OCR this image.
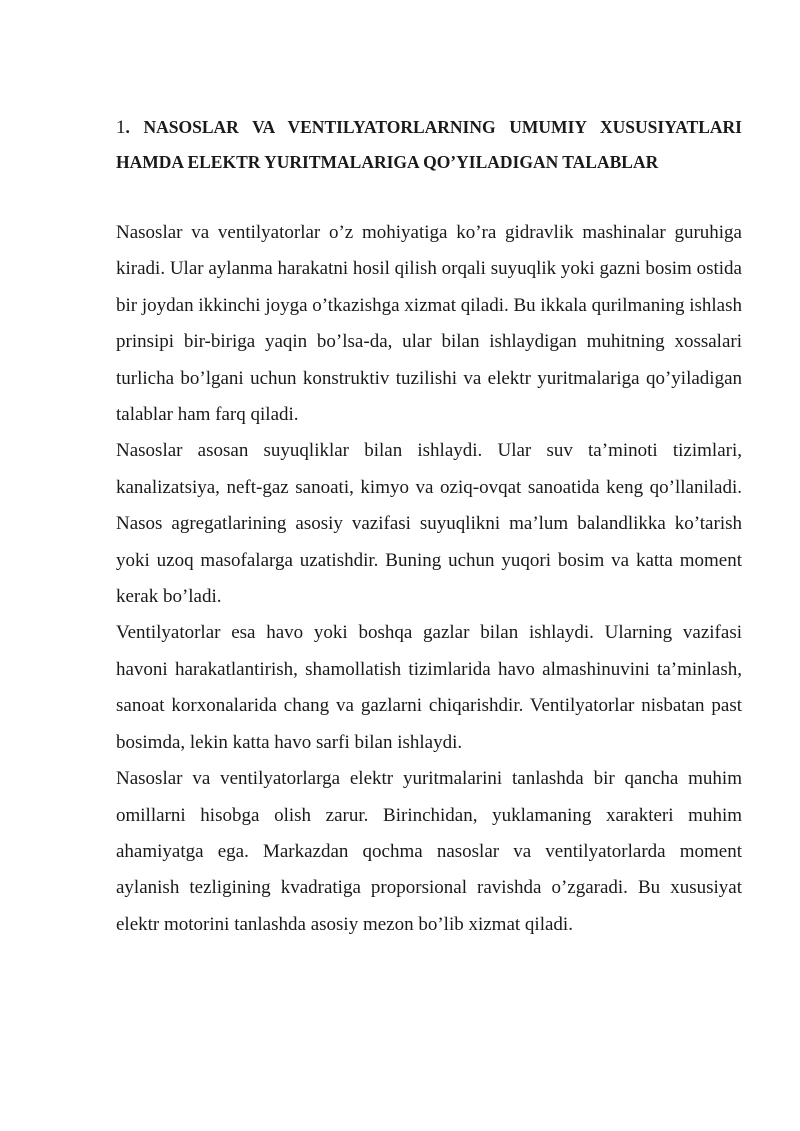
1. NASOSLAR VA VENTILYATORLARNING UMUMIY XUSUSIYATLARI HAMDA ELEKTR YURITMALARIGA QO’YILADIGAN TALABLAR

Nasoslar va ventilyatorlar o’z mohiyatiga ko’ra gidravlik mashinalar guruhiga kiradi. Ular aylanma harakatni hosil qilish orqali suyuqlik yoki gazni bosim ostida bir joydan ikkinchi joyga o’tkazishga xizmat qiladi. Bu ikkala qurilmaning ishlash prinsipi bir-biriga yaqin bo’lsa-da, ular bilan ishlaydigan muhitning xossalari turlicha bo’lgani uchun konstruktiv tuzilishi va elektr yuritmalariga qo’yiladigan talablar ham farq qiladi.

Nasoslar asosan suyuqliklar bilan ishlaydi. Ular suv ta’minoti tizimlari, kanalizatsiya, neft-gaz sanoati, kimyo va oziq-ovqat sanoatida keng qo’llaniladi. Nasos agregatlarining asosiy vazifasi suyuqlikni ma’lum balandlikka ko’tarish yoki uzoq masofalarga uzatishdir. Buning uchun yuqori bosim va katta moment kerak bo’ladi.

Ventilyatorlar esa havo yoki boshqa gazlar bilan ishlaydi. Ularning vazifasi havoni harakatlantirish, shamollatish tizimlarida havo almashinuvini ta’minlash, sanoat korxonalarida chang va gazlarni chiqarishdir. Ventilyatorlar nisbatan past bosimda, lekin katta havo sarfi bilan ishlaydi.

Nasoslar va ventilyatorlarga elektr yuritmalarini tanlashda bir qancha muhim omillarni hisobga olish zarur. Birinchidan, yuklamaning xarakteri muhim ahamiyatga ega. Markazdan qochma nasoslar va ventilyatorlarda moment aylanish tezligining kvadratiga proporsional ravishda o’zgaradi. Bu xususiyat elektr motorini tanlashda asosiy mezon bo’lib xizmat qiladi.
